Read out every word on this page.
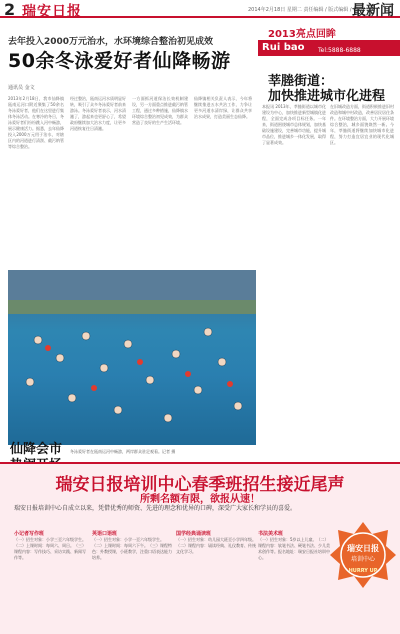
2 瑞安日报	2014年2月18日 星期二 责任编辑 / 版式编辑 / 校对
最新闻
去年投入2000万元治水，水环境综合整治初见成效
50余冬泳爱好者仙降畅游
通讯员 金文
2013年2月18日，我市仙降镇瓯南运河口附近聚集了50余名冬泳爱好者，他们在这里进行集体冬泳活动。在寒冷的冬日，冬泳爱好者们纷纷跳入河中畅游，展示健康活力。据悉，去年仙降投入2000万元用于治水，对辖区内的河道进行清淤、截污纳管等综合整治。
经过整治，瓯南运河水质明显好转，吸引了众多冬泳爱好者前来游泳。冬泳爱好者表示，河水清澈了，游起来也更舒心了，希望政府继续加大治水力度，让更多河道恢复往日清澈。
一方面抓河道保洁长效机制建设，另一方面重点推进截污纳管工程，通过多种措施，仙降镇水环境综合整治初见成效，为群众营造了良好的生产生活环境。
仙降镇相关负责人表示，今年将继续推进五水共治工作，力争让更多河道水清岸绿，让群众共享治水成果，打造美丽生态仙降。
仙降会市 冬泳爱好者在瓯南运河中畅游，两岸群众驻足观看。记者 摄
2013亮点回眸
Rui bao Tel:5888-6888
莘塍街道：
加快推进城市化进程
本报讯 2013年，莘塍街道以城市化建设为中心，加快推进新型城镇化进程，全面完成各项目标任务。一年来，街道围绕城市总体规划，加快基础设施建设，完善城市功能，提升城市品位，推进城乡一体化发展，取得了显著成效。
在旧城改造方面，街道积极推进旧村改造和城中村改造，改善居民居住条件。在环境整治方面，大力开展环境综合整治，城乡面貌焕然一新。今年，莘塍街道将继续加快城市化进程，努力打造宜居宜业的现代化城区。
瑞安日报培训中心春季班招生接近尾声
所剩名额有限，欲报从速！
瑞安日报培训中心自成立以来，凭借优秀的师资、先进的理念和优异的口碑，深受广大家长和学员的喜爱。
小记者写作班
（一）招生对象：小学三至六年级学生。（二）上课时间：每周六、周日。（三）课程内容：写作技巧、采访实践、新闻写作等。
英语口语班
（一）招生对象：小学一至六年级学生。（二）上课时间：每周六下午。（三）课程特色：外教授课，小班教学，注重口语表达能力培养。
国学经典诵读班
（一）招生对象：幼儿园大班至小学四年级。（二）课程内容：诵读经典、礼仪教育、传统文化学习。
书法美术班
（一）招生对象：5岁以上儿童。（二）课程内容：软笔书法、硬笔书法、少儿美术创作等。报名地址：瑞安日报社培训中心。
瑞安日报
培训中心
HURRY UP
